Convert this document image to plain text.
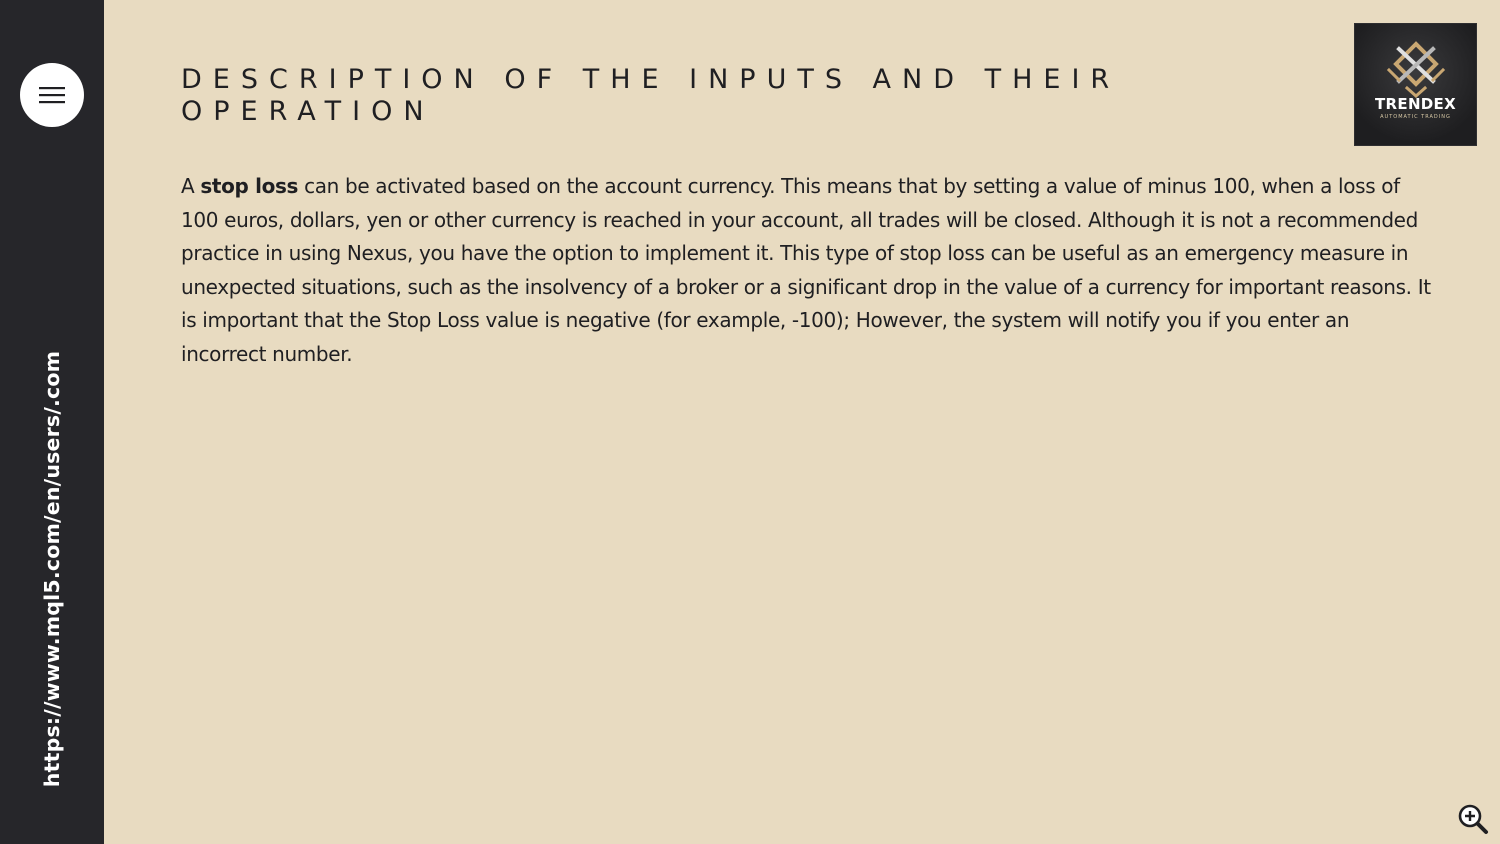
https://www.mql5.com/en/users/.com
DESCRIPTION OF THE INPUTS AND THEIR OPERATION

A stop loss can be activated based on the account currency. This means that by setting a value of minus 100, when a loss of 100 euros, dollars, yen or other currency is reached in your account, all trades will be closed. Although it is not a recommended practice in using Nexus, you have the option to implement it. This type of stop loss can be useful as an emergency measure in unexpected situations, such as the insolvency of a broker or a significant drop in the value of a currency for important reasons. It is important that the Stop Loss value is negative (for example, -100); However, the system will notify you if you enter an incorrect number.

TRENDEX
AUTOMATIC TRADING
